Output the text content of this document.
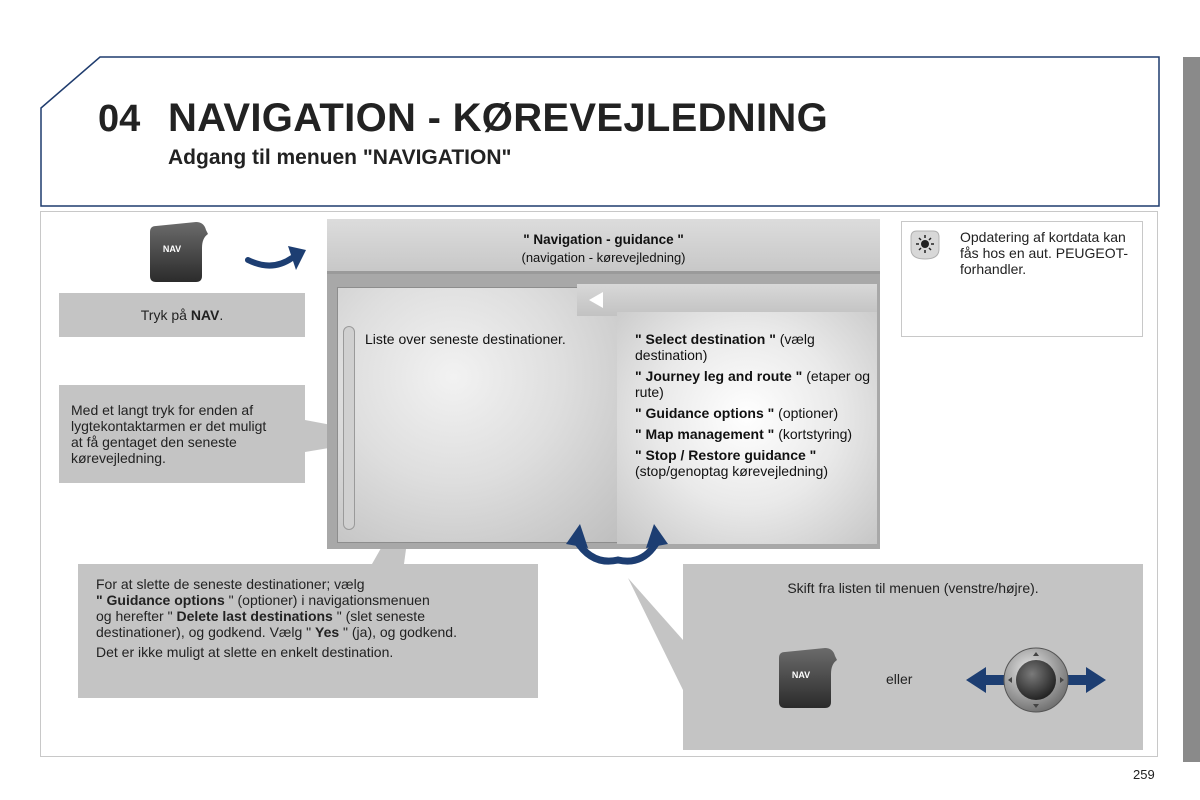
04 NAVIGATION - KØREVEJLEDNING
Adgang til menuen "NAVIGATION"
NAV
Tryk på NAV.
Med et langt tryk for enden af lygtekontaktarmen er det muligt at få gentaget den seneste kørevejledning.
" Navigation - guidance "
(navigation - kørevejledning)
Liste over seneste destinationer.	" Select destination " (vælg destination)
" Journey leg and route " (etaper og rute)
" Guidance options " (optioner)
" Map management " (kortstyring)
" Stop / Restore guidance " (stop/genoptag kørevejledning)
Opdatering af kortdata kan fås hos en aut. PEUGEOT-forhandler.
For at slette de seneste destinationer; vælg
" Guidance options " (optioner) i navigationsmenuen
og herefter " Delete last destinations " (slet seneste
destinationer), og godkend. Vælg " Yes " (ja), og godkend.
Det er ikke muligt at slette en enkelt destination.
Skift fra listen til menuen (venstre/højre).
NAV	eller
259
